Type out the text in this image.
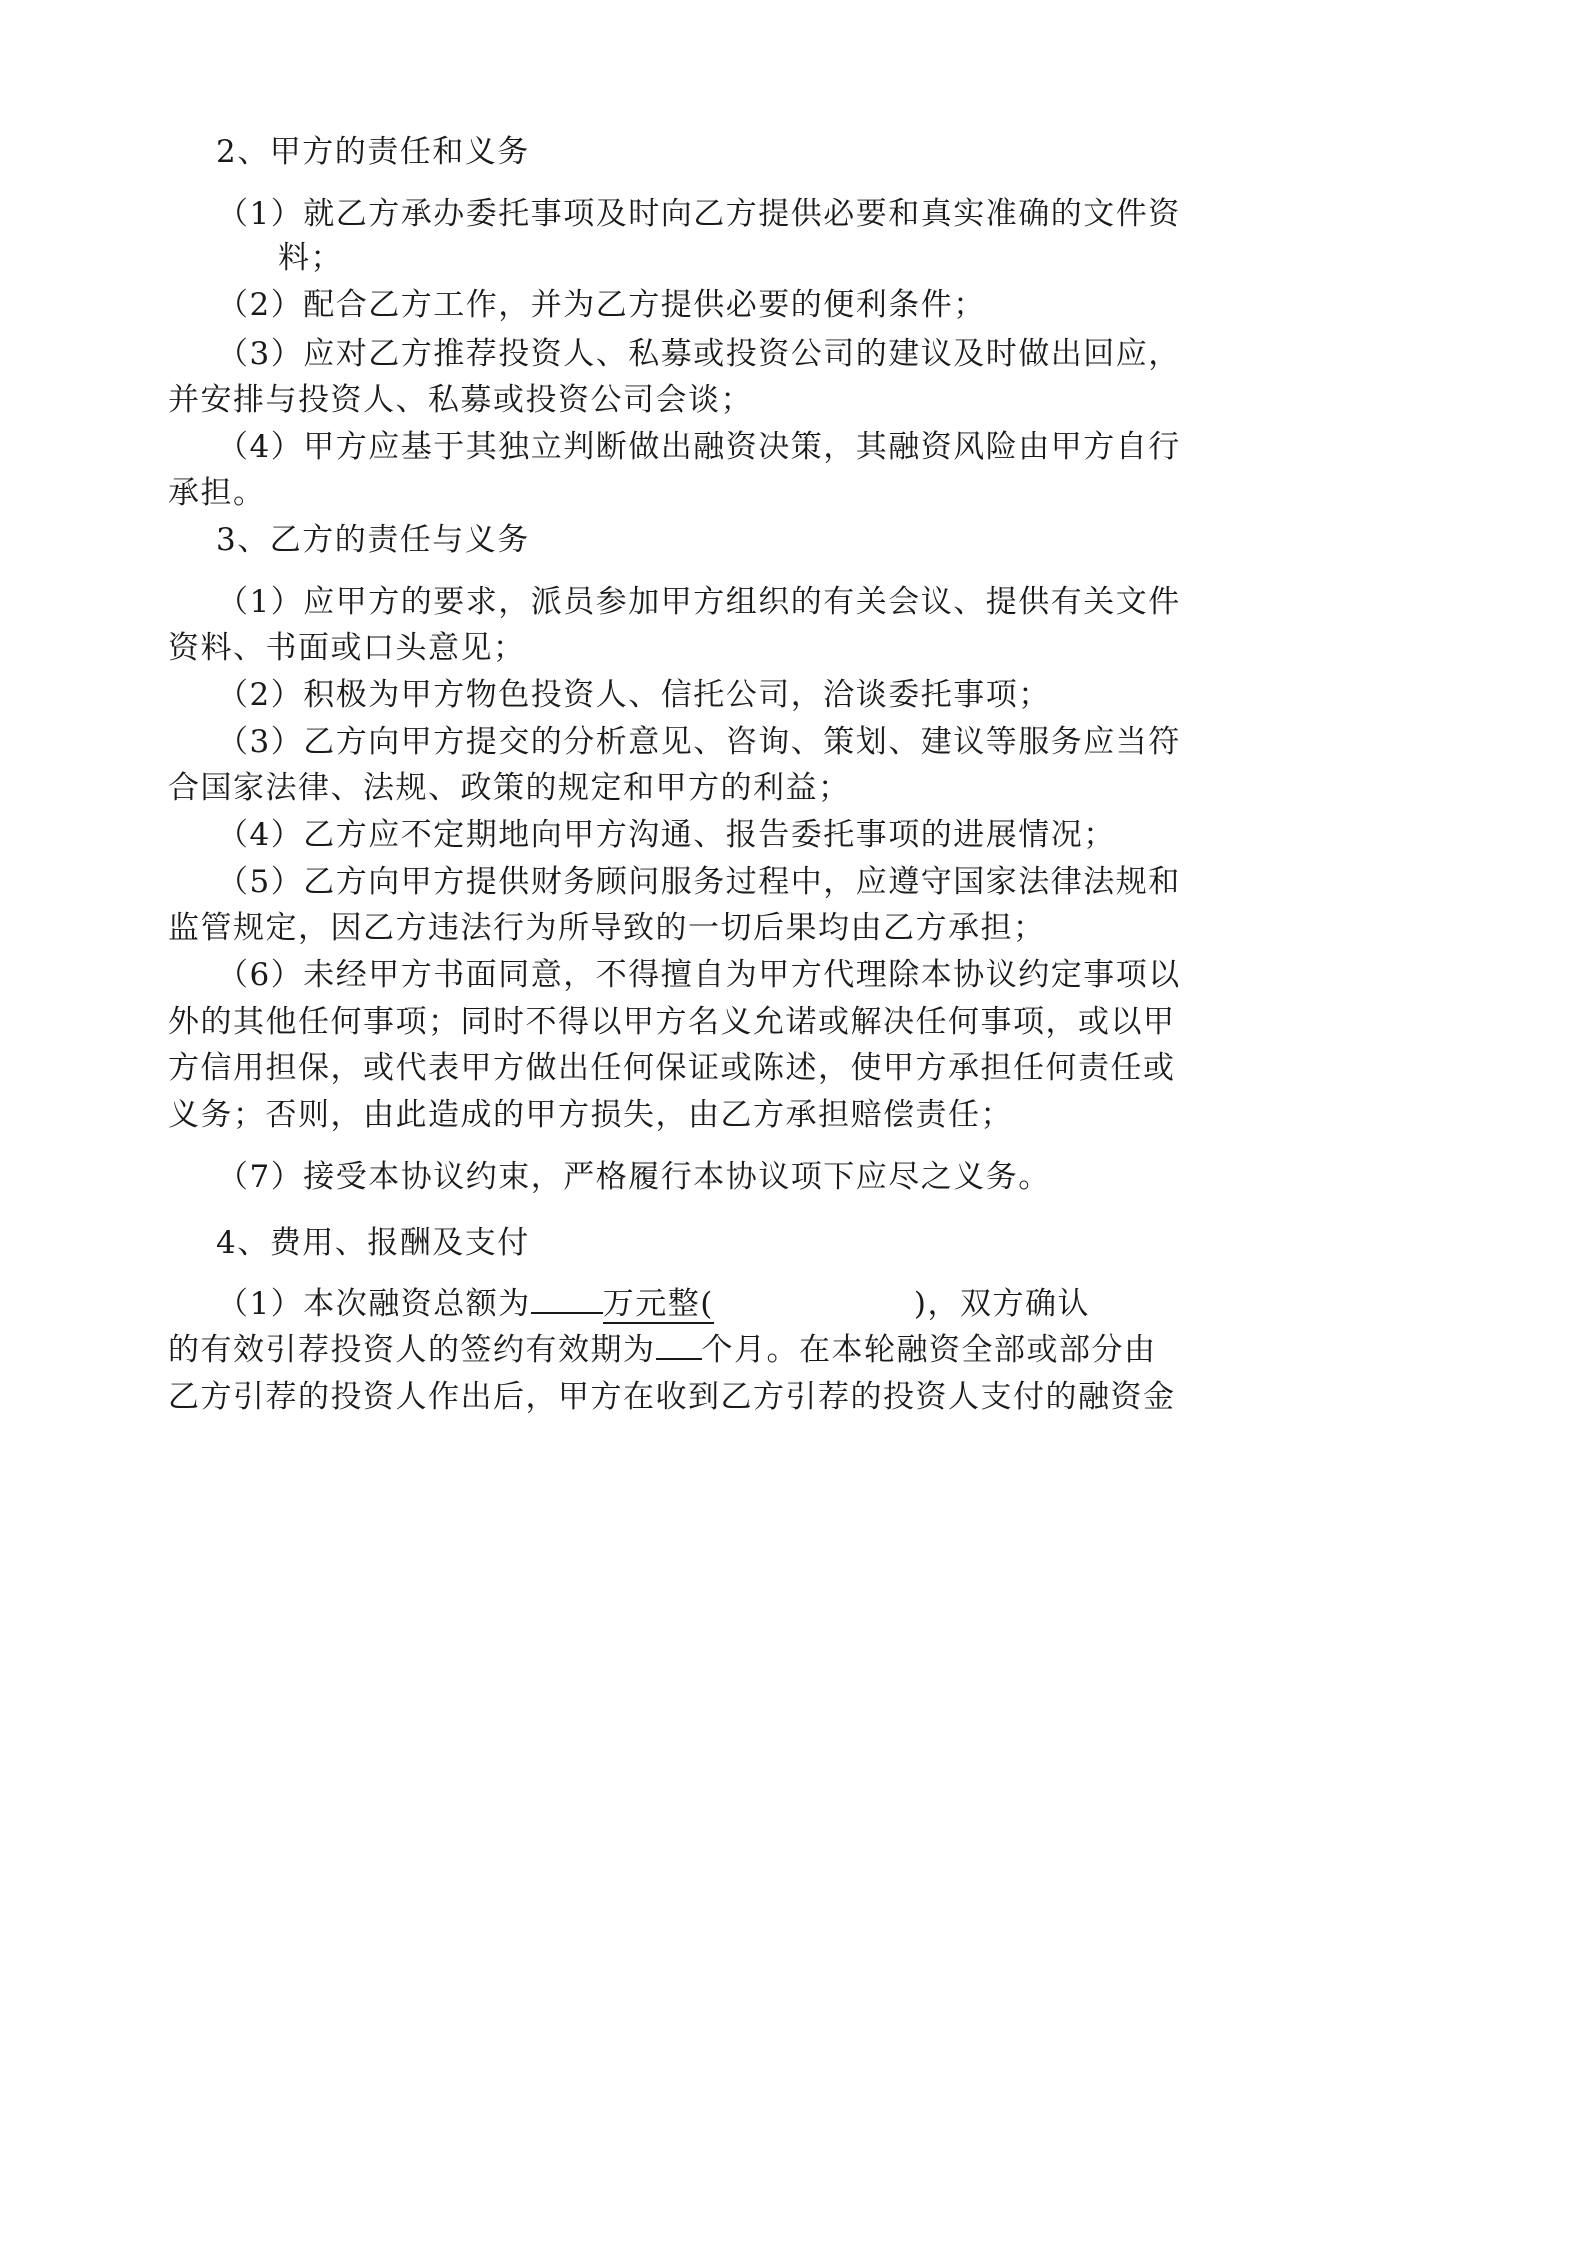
2、甲方的责任和义务
（1）就乙方承办委托事项及时向乙方提供必要和真实准确的文件资
料；
（2）配合乙方工作，并为乙方提供必要的便利条件；
（3）应对乙方推荐投资人、私募或投资公司的建议及时做出回应，
并安排与投资人、私募或投资公司会谈；
（4）甲方应基于其独立判断做出融资决策，其融资风险由甲方自行
承担。
3、乙方的责任与义务
（1）应甲方的要求，派员参加甲方组织的有关会议、提供有关文件
资料、书面或口头意见；
（2）积极为甲方物色投资人、信托公司，洽谈委托事项；
（3）乙方向甲方提交的分析意见、咨询、策划、建议等服务应当符
合国家法律、法规、政策的规定和甲方的利益；
（4）乙方应不定期地向甲方沟通、报告委托事项的进展情况；
（5）乙方向甲方提供财务顾问服务过程中，应遵守国家法律法规和
监管规定，因乙方违法行为所导致的一切后果均由乙方承担；
（6）未经甲方书面同意，不得擅自为甲方代理除本协议约定事项以
外的其他任何事项；同时不得以甲方名义允诺或解决任何事项，或以甲
方信用担保，或代表甲方做出任何保证或陈述，使甲方承担任何责任或
义务；否则，由此造成的甲方损失，由乙方承担赔偿责任；
（7）接受本协议约束，严格履行本协议项下应尽之义务。
4、费用、报酬及支付
（1）本次融资总额为 万元整(	)，双方确认
的有效引荐投资人的签约有效期为 个月。在本轮融资全部或部分由
乙方引荐的投资人作出后，甲方在收到乙方引荐的投资人支付的融资金
